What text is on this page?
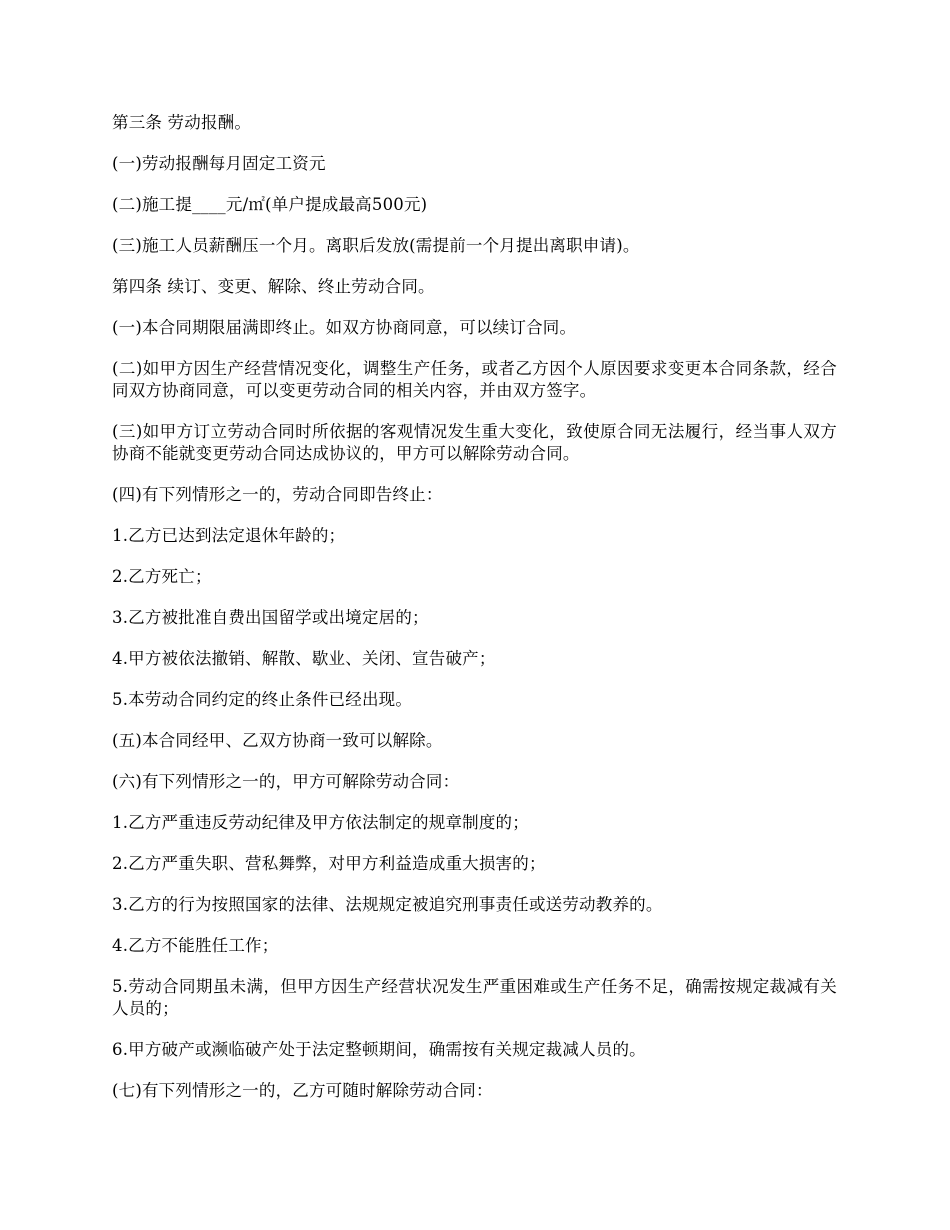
第三条 劳动报酬。

(一)劳动报酬每月固定工资元

(二)施工提____元/㎡(单户提成最高500元)

(三)施工人员薪酬压一个月。离职后发放(需提前一个月提出离职申请)。

第四条 续订、变更、解除、终止劳动合同。

(一)本合同期限届满即终止。如双方协商同意，可以续订合同。

(二)如甲方因生产经营情况变化，调整生产任务，或者乙方因个人原因要求变更本合同条款，经合同双方协商同意，可以变更劳动合同的相关内容，并由双方签字。

(三)如甲方订立劳动合同时所依据的客观情况发生重大变化，致使原合同无法履行，经当事人双方协商不能就变更劳动合同达成协议的，甲方可以解除劳动合同。

(四)有下列情形之一的，劳动合同即告终止：

1.乙方已达到法定退休年龄的；

2.乙方死亡；

3.乙方被批准自费出国留学或出境定居的；

4.甲方被依法撤销、解散、歇业、关闭、宣告破产；

5.本劳动合同约定的终止条件已经出现。

(五)本合同经甲、乙双方协商一致可以解除。

(六)有下列情形之一的，甲方可解除劳动合同：

1.乙方严重违反劳动纪律及甲方依法制定的规章制度的；

2.乙方严重失职、营私舞弊，对甲方利益造成重大损害的；

3.乙方的行为按照国家的法律、法规规定被追究刑事责任或送劳动教养的。

4.乙方不能胜任工作；

5.劳动合同期虽未满，但甲方因生产经营状况发生严重困难或生产任务不足，确需按规定裁减有关人员的；

6.甲方破产或濒临破产处于法定整顿期间，确需按有关规定裁减人员的。

(七)有下列情形之一的，乙方可随时解除劳动合同：
